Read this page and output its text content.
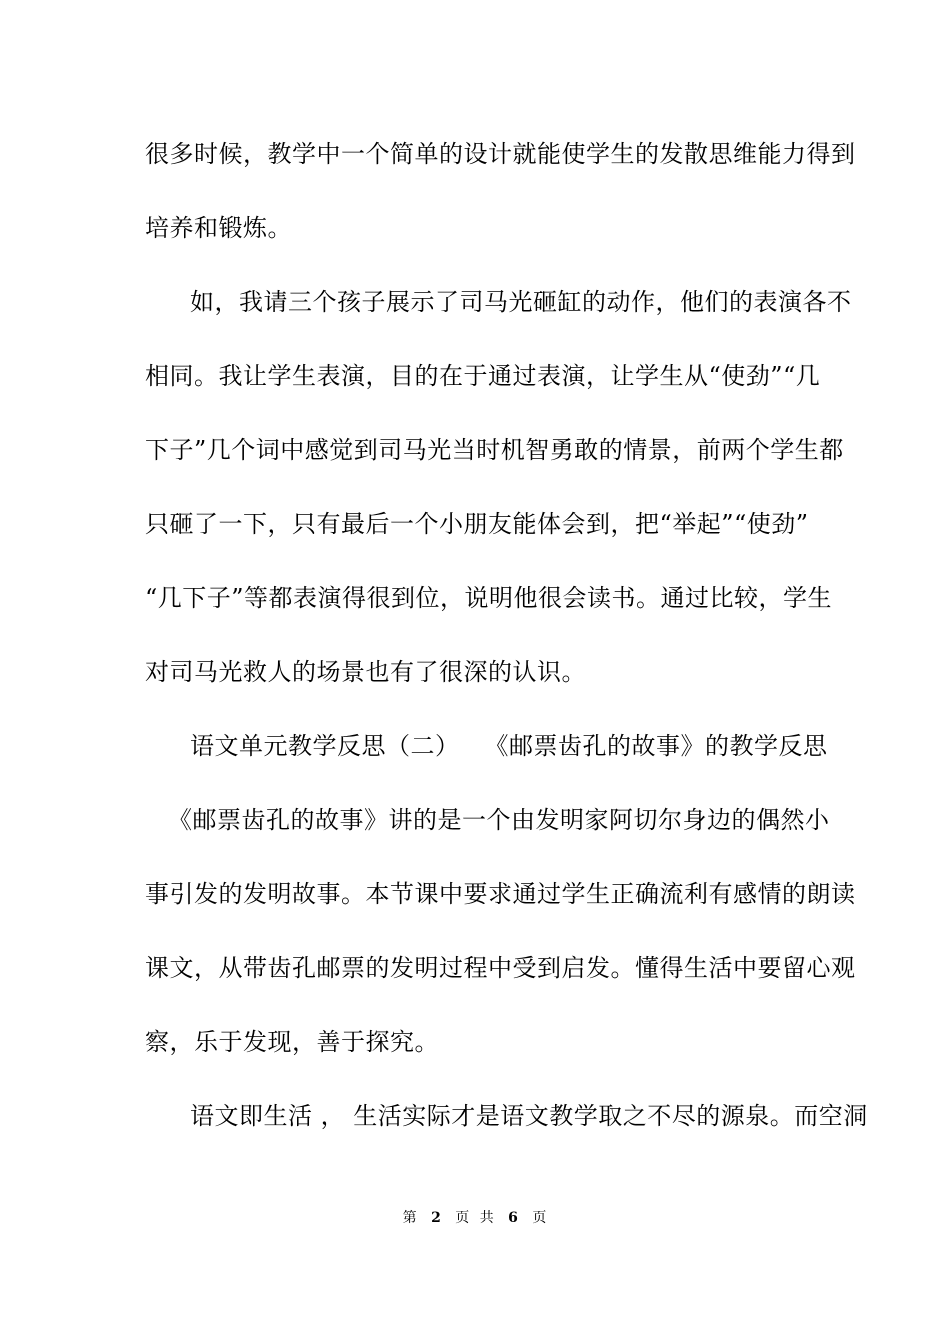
很多时候，教学中一个简单的设计就能使学生的发散思维能力得到
培养和锻炼。
如，我请三个孩子展示了司马光砸缸的动作，他们的表演各不
相同。我让学生表演，目的在于通过表演，让学生从“使劲”“几
下子”几个词中感觉到司马光当时机智勇敢的情景，前两个学生都
只砸了一下，只有最后一个小朋友能体会到，把“举起”“使劲”
“几下子”等都表演得很到位，说明他很会读书。通过比较，学生
对司马光救人的场景也有了很深的认识。
语文单元教学反思（二）　　《邮票齿孔的故事》的教学反思
《邮票齿孔的故事》讲的是一个由发明家阿切尔身边的偶然小
事引发的发明故事。本节课中要求通过学生正确流利有感情的朗读
课文，从带齿孔邮票的发明过程中受到启发。懂得生活中要留心观
察，乐于发现，善于探究。
语文即生活 ， 生活实际才是语文教学取之不尽的源泉。而空洞
第 2 页 共 6 页
